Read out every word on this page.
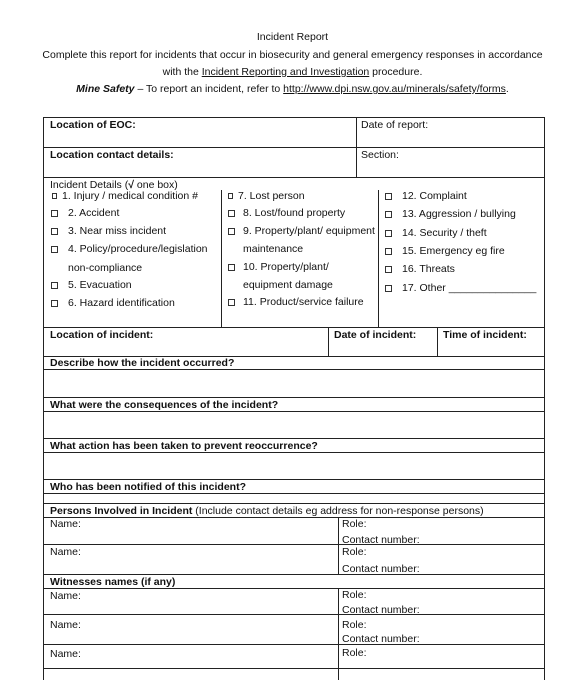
Incident Report
Complete this report for incidents that occur in biosecurity and general emergency responses in accordance
with the Incident Reporting and Investigation procedure.
Mine Safety – To report an incident, refer to http://www.dpi.nsw.gov.au/minerals/safety/forms.
Location of EOC:	Date of report:
Location contact details:	Section:
Incident Details (√ one box)
1. Injury / medical condition #
2. Accident
3. Near miss incident
4. Policy/procedure/legislation
non-compliance
5. Evacuation
6. Hazard identification
7. Lost person
8. Lost/found property
9. Property/plant/ equipment
maintenance
10. Property/plant/
equipment damage
11. Product/service failure
12. Complaint
13. Aggression / bullying
14. Security / theft
15. Emergency eg fire
16. Threats
17. Other _______________
Location of incident:	Date of incident:	Time of incident:
Describe how the incident occurred?
What were the consequences of the incident?
What action has been taken to prevent reoccurrence?
Who has been notified of this incident?
Persons Involved in Incident (Include contact details eg address for non-response persons)
Name:	Role:
Contact number:
Name:	Role:
Contact number:
Witnesses names (if any)
Name:	Role:
Contact number:
Name:	Role:
Contact number:
Name:	Role:
